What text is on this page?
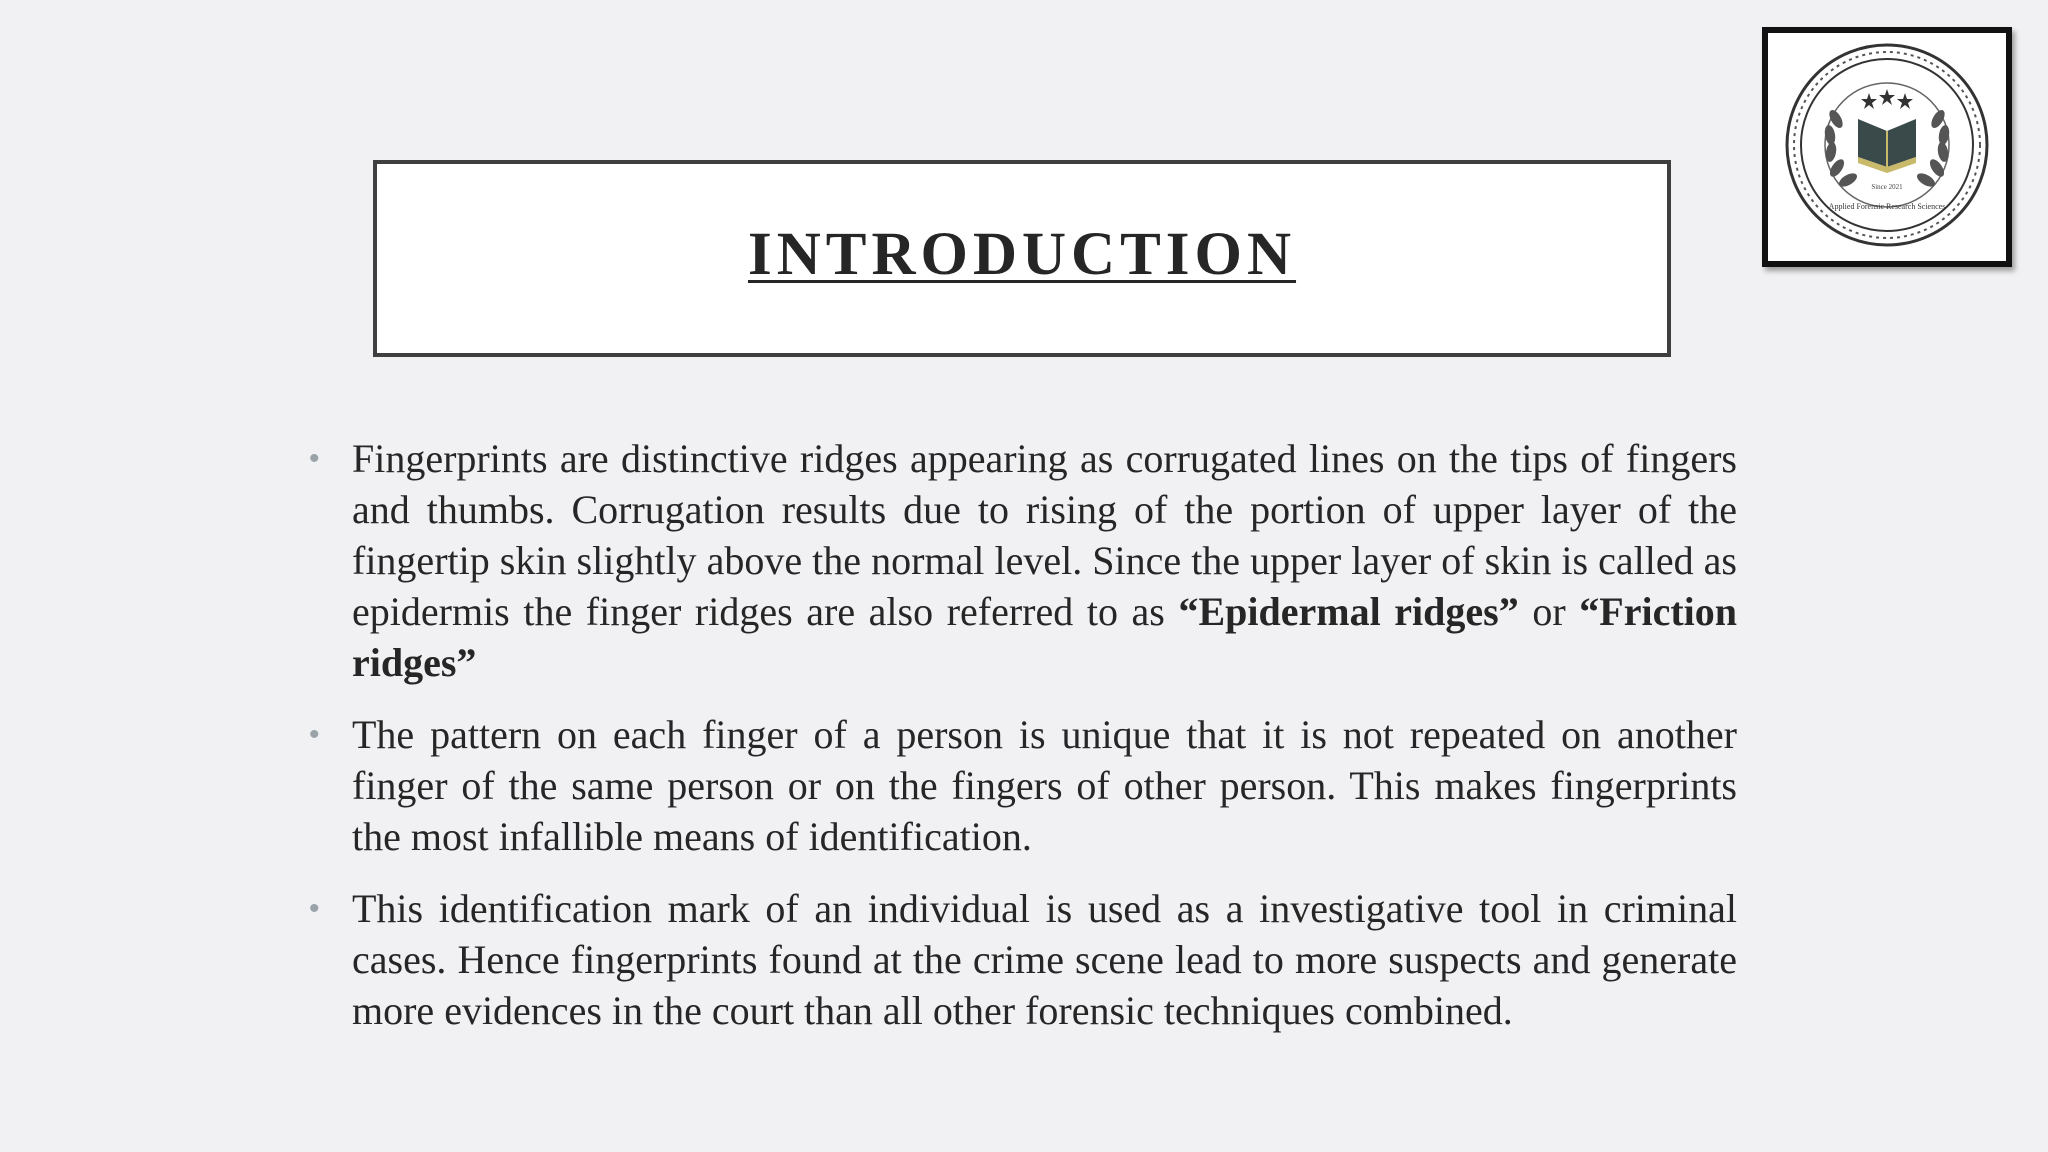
INTRODUCTION
Since 2021
Applied Forensic Research Sciences
• Fingerprints are distinctive ridges appearing as corrugated lines on the tips of fingers and thumbs. Corrugation results due to rising of the portion of upper layer of the fingertip skin slightly above the normal level. Since the upper layer of skin is called as epidermis the finger ridges are also referred to as “Epidermal ridges” or “Friction ridges”
• The pattern on each finger of a person is unique that it is not repeated on another finger of the same person or on the fingers of other person. This makes fingerprints the most infallible means of identification.
• This identification mark of an individual is used as a investigative tool in criminal cases. Hence fingerprints found at the crime scene lead to more suspects and generate more evidences in the court than all other forensic techniques combined.
